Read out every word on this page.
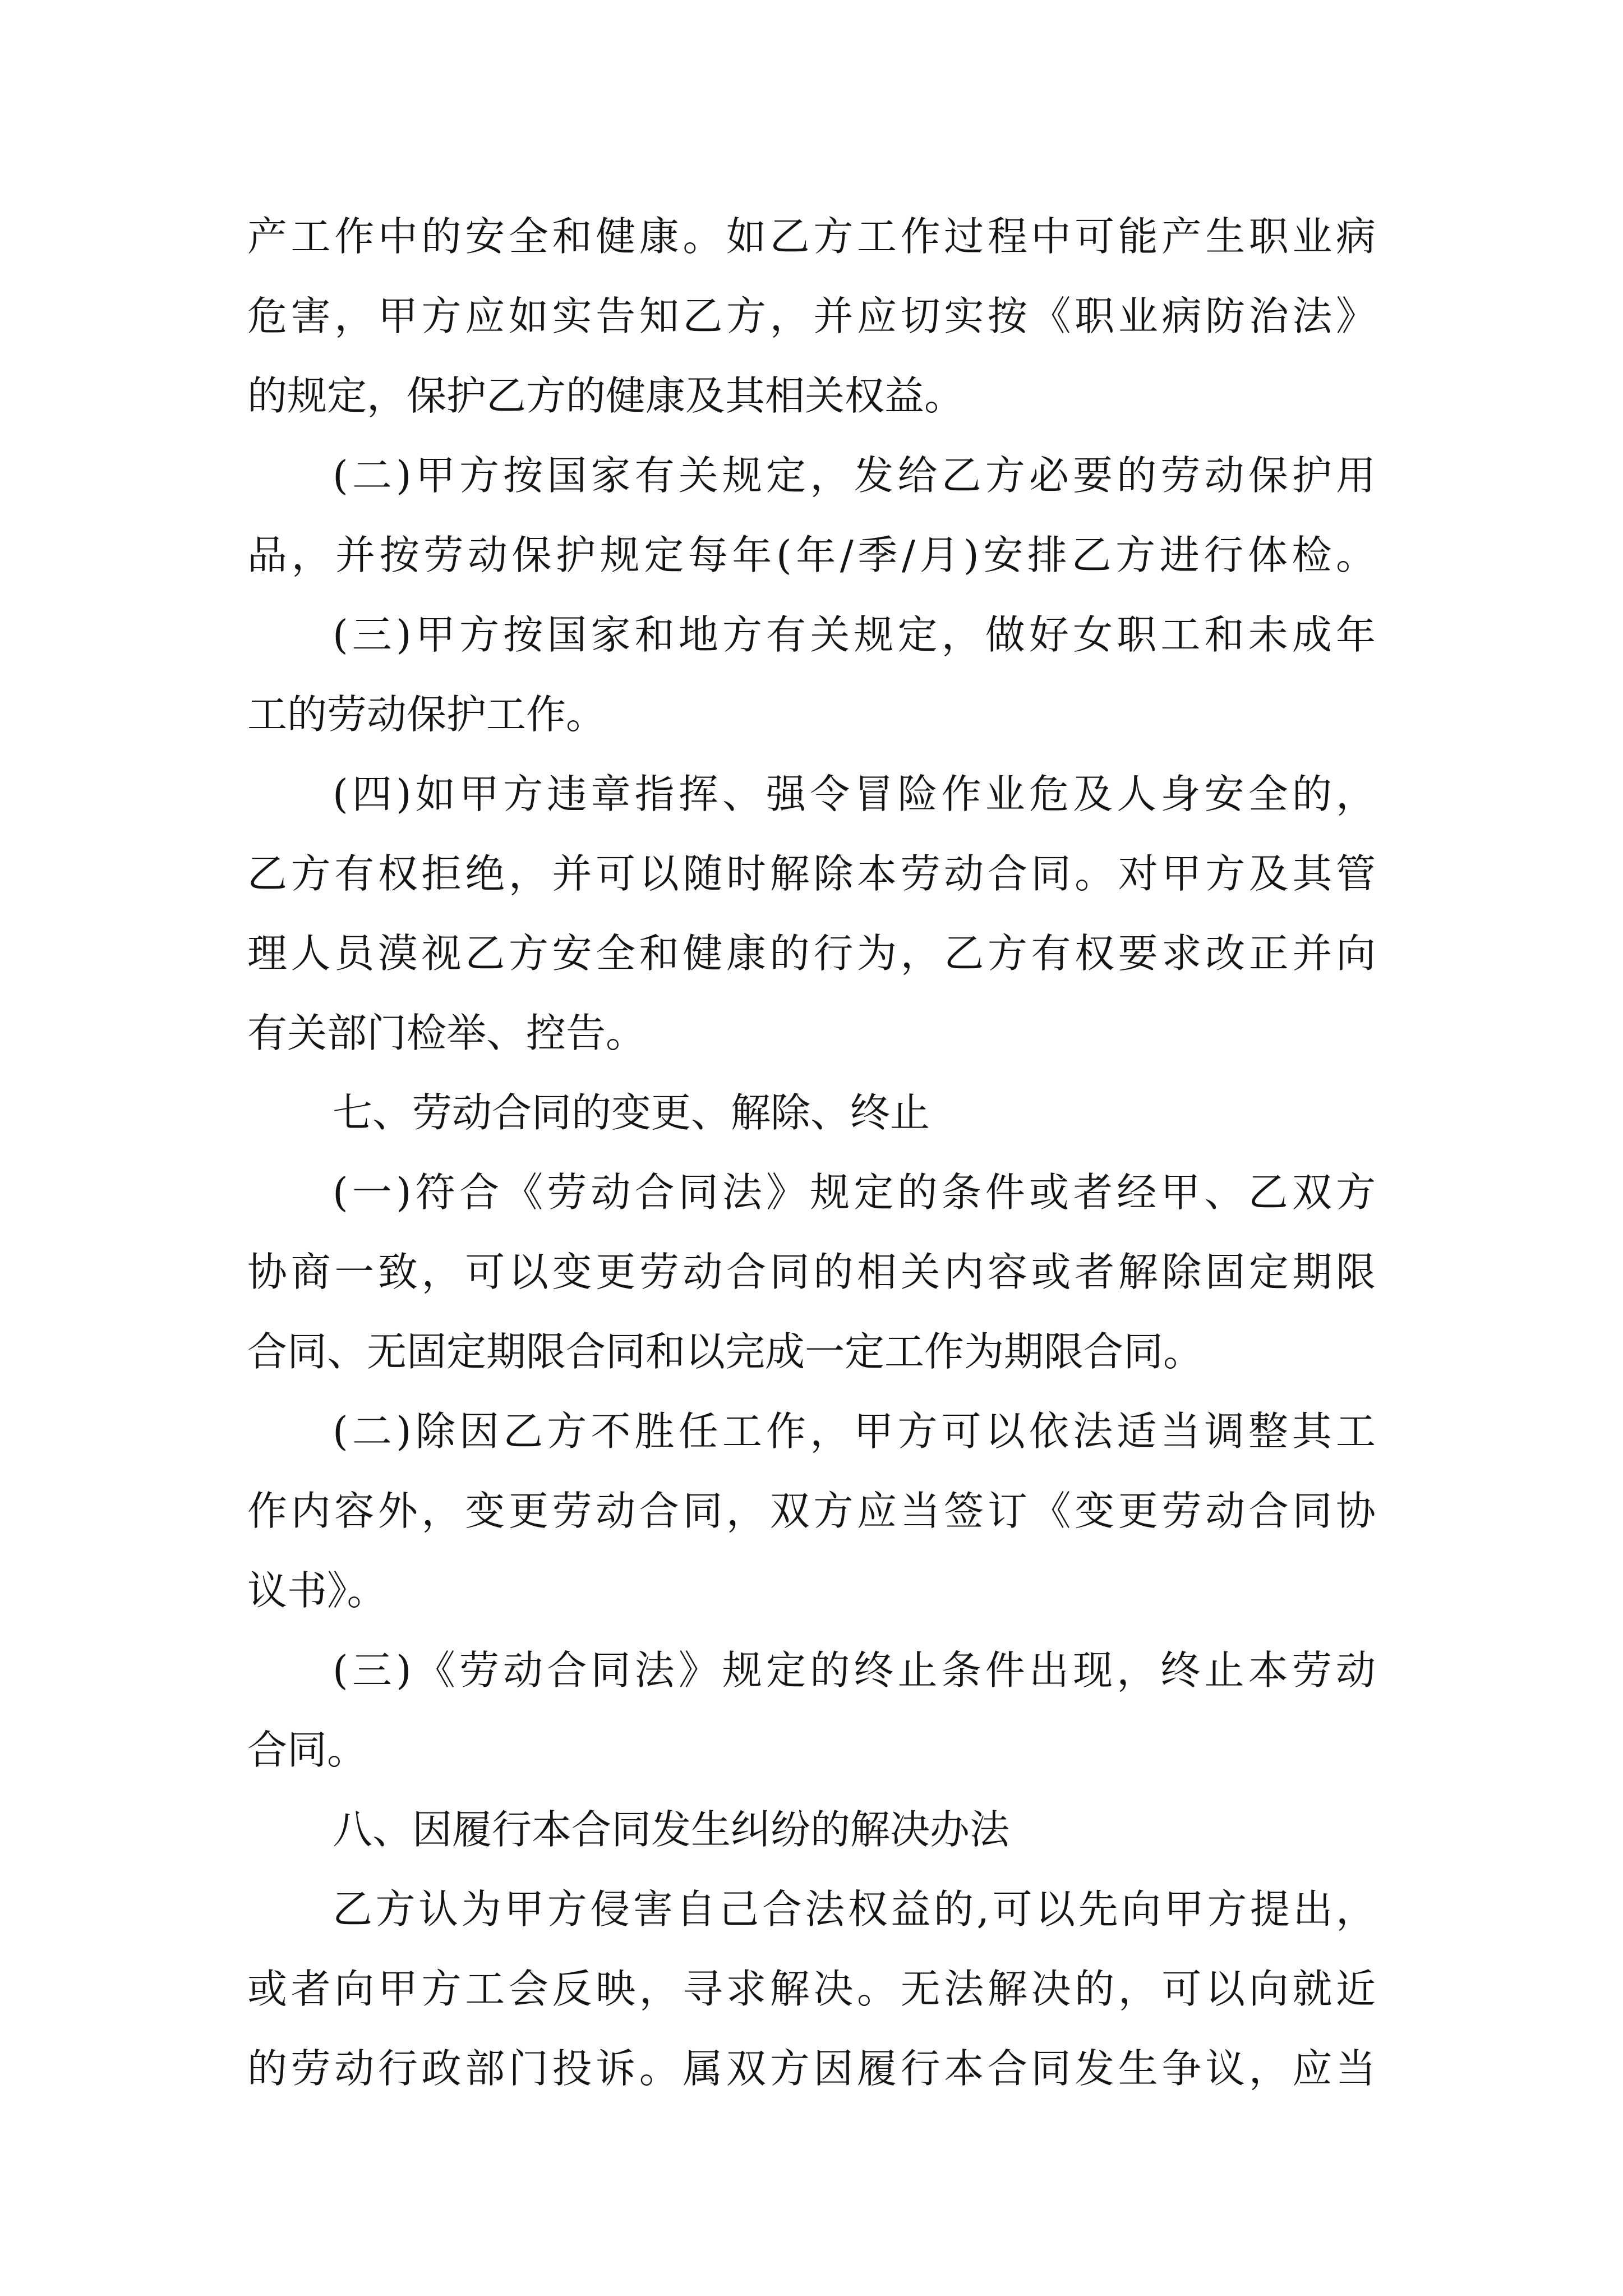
产工作中的安全和健康。如乙方工作过程中可能产生职业病
危害，甲方应如实告知乙方，并应切实按《职业病防治法》
的规定，保护乙方的健康及其相关权益。
(二)甲方按国家有关规定，发给乙方必要的劳动保护用
品，并按劳动保护规定每年(年/季/月)安排乙方进行体检。
(三)甲方按国家和地方有关规定，做好女职工和未成年
工的劳动保护工作。
(四)如甲方违章指挥、强令冒险作业危及人身安全的，
乙方有权拒绝，并可以随时解除本劳动合同。对甲方及其管
理人员漠视乙方安全和健康的行为，乙方有权要求改正并向
有关部门检举、控告。
七、劳动合同的变更、解除、终止
(一)符合《劳动合同法》规定的条件或者经甲、乙双方
协商一致，可以变更劳动合同的相关内容或者解除固定期限
合同、无固定期限合同和以完成一定工作为期限合同。
(二)除因乙方不胜任工作，甲方可以依法适当调整其工
作内容外，变更劳动合同，双方应当签订《变更劳动合同协
议书》。
(三)《劳动合同法》规定的终止条件出现，终止本劳动
合同。
八、因履行本合同发生纠纷的解决办法
乙方认为甲方侵害自己合法权益的,可以先向甲方提出，
或者向甲方工会反映，寻求解决。无法解决的，可以向就近
的劳动行政部门投诉。属双方因履行本合同发生争议，应当
